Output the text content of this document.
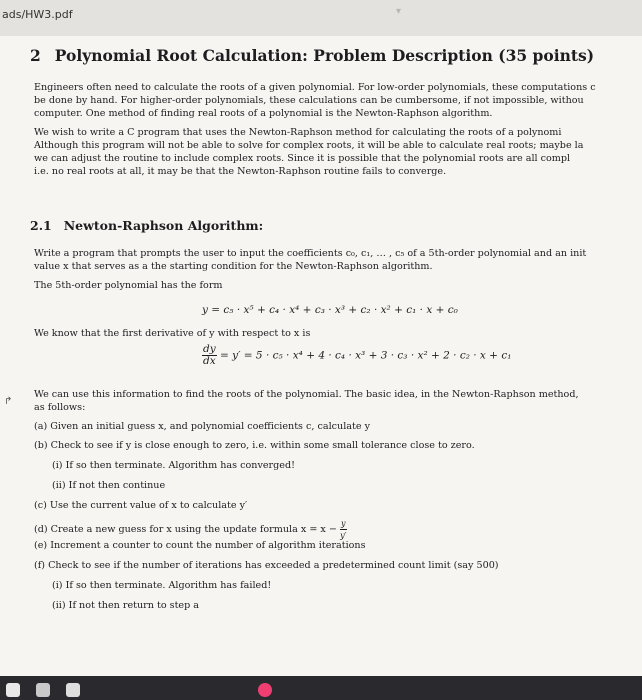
ads/HW3.pdf	▾
2 Polynomial Root Calculation: Problem Description (35 points)
Engineers often need to calculate the roots of a given polynomial. For low-order polynomials, these computations c
be done by hand. For higher-order polynomials, these calculations can be cumbersome, if not impossible, withou
computer. One method of finding real roots of a polynomial is the Newton-Raphson algorithm.
We wish to write a C program that uses the Newton-Raphson method for calculating the roots of a polynomi
Although this program will not be able to solve for complex roots, it will be able to calculate real roots; maybe la
we can adjust the routine to include complex roots. Since it is possible that the polynomial roots are all compl
i.e. no real roots at all, it may be that the Newton-Raphson routine fails to converge.
2.1 Newton-Raphson Algorithm:
Write a program that prompts the user to input the coefficients c₀, c₁, … , c₅ of a 5th-order polynomial and an init
value x that serves as a the starting condition for the Newton-Raphson algorithm.
The 5th-order polynomial has the form
y = c₅ · x⁵ + c₄ · x⁴ + c₃ · x³ + c₂ · x² + c₁ · x + c₀
We know that the first derivative of y with respect to x is
$\frac{dy}{dx} = y' = 5 \cdot c_5 \cdot x^4 + 4 \cdot c_4 \cdot x^3 + 3 \cdot c_3 \cdot x^2 + 2 \cdot c_2 \cdot x + c_1$
We can use this information to find the roots of the polynomial. The basic idea, in the Newton-Raphson method,
as follows:
(a) Given an initial guess x, and polynomial coefficients c, calculate y
(b) Check to see if y is close enough to zero, i.e. within some small tolerance close to zero.
(i) If so then terminate. Algorithm has converged!
(ii) If not then continue
(c) Use the current value of x to calculate y′
(d) Create a new guess for x using the update formula $x = x - \frac{y}{y'}$
(e) Increment a counter to count the number of algorithm iterations
(f) Check to see if the number of iterations has exceeded a predetermined count limit (say 500)
(i) If so then terminate. Algorithm has failed!
(ii) If not then return to step a
↱
